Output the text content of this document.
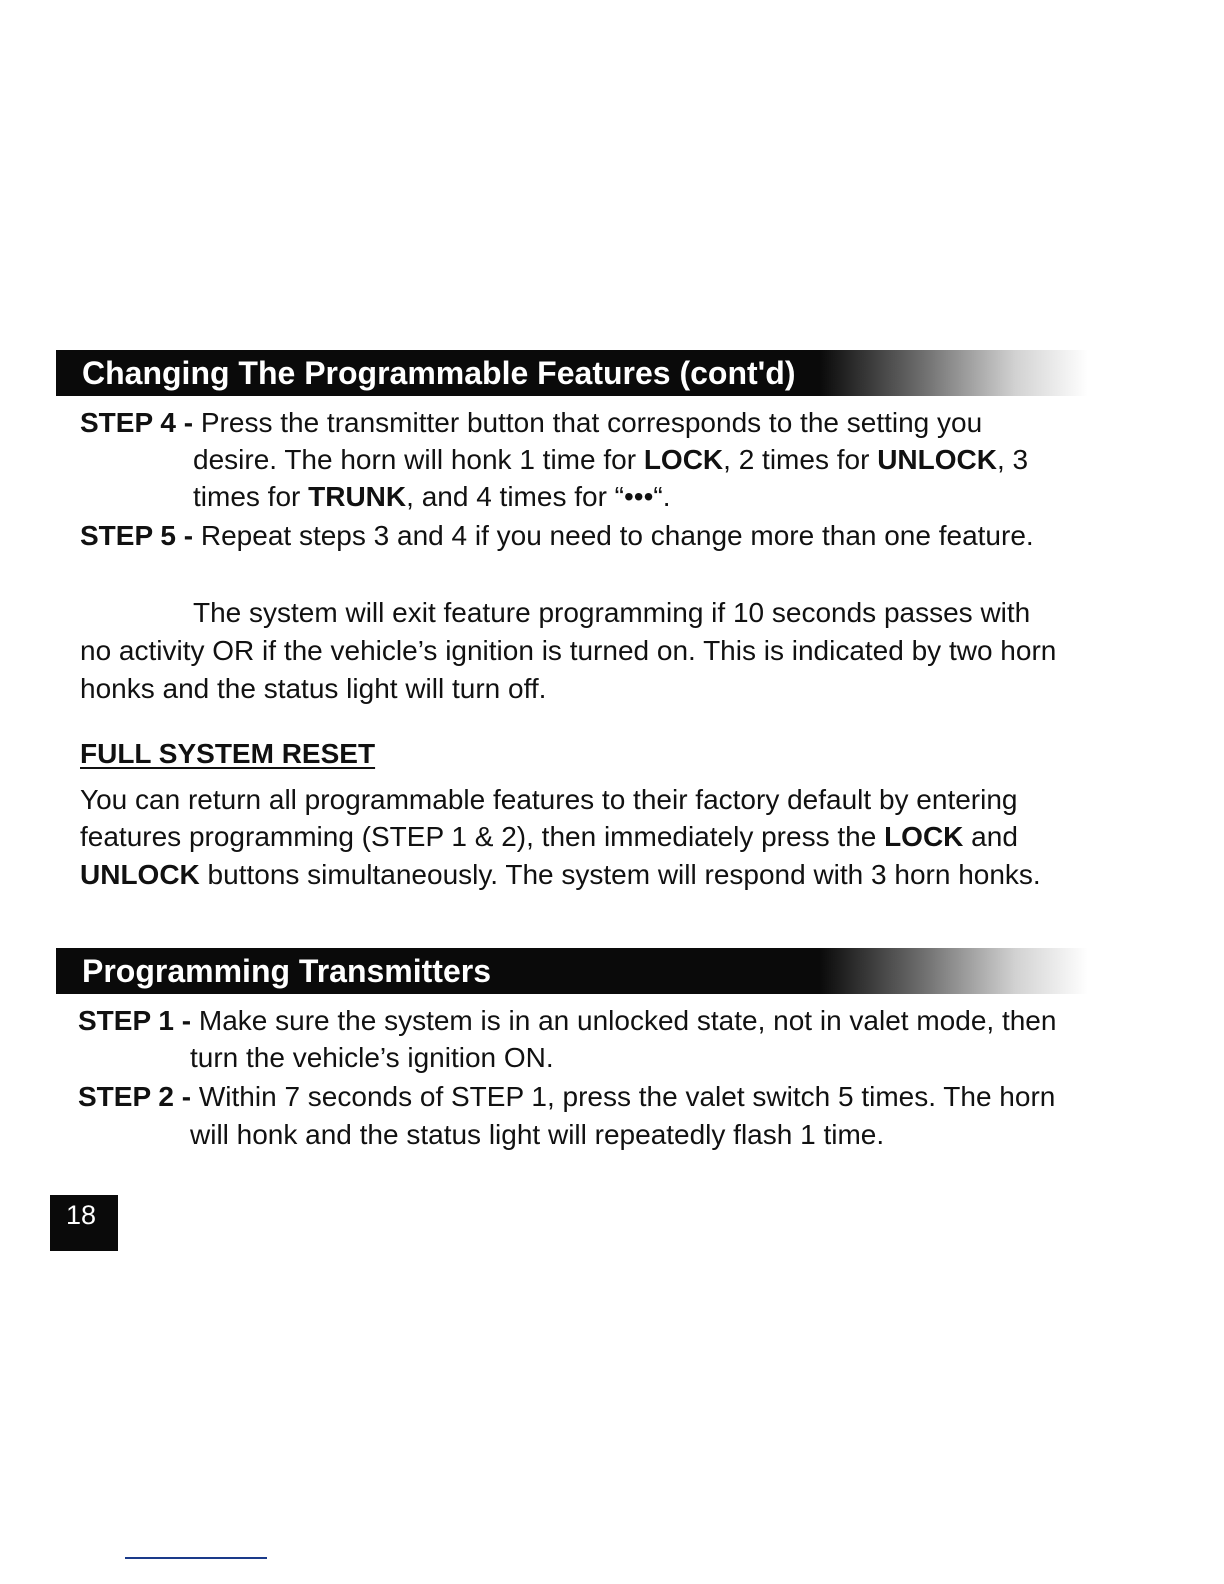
Changing The Programmable Features (cont'd)
STEP 4 - Press the transmitter button that corresponds to the setting you
desire. The horn will honk 1 time for LOCK, 2 times for UNLOCK, 3
times for TRUNK, and 4 times for “•••“.
STEP 5 - Repeat steps 3 and 4 if you need to change more than one feature.
The system will exit feature programming if 10 seconds passes with
no activity OR if the vehicle’s ignition is turned on. This is indicated by two horn
honks and the status light will turn off.
FULL SYSTEM RESET
You can return all programmable features to their factory default by entering
features programming (STEP 1 & 2), then immediately press the LOCK and
UNLOCK buttons simultaneously. The system will respond with 3 horn honks.
Programming Transmitters
STEP 1 - Make sure the system is in an unlocked state, not in valet mode, then
turn the vehicle’s ignition ON.
STEP 2 - Within 7 seconds of STEP 1, press the valet switch 5 times. The horn
will honk and the status light will repeatedly flash 1 time.
18
